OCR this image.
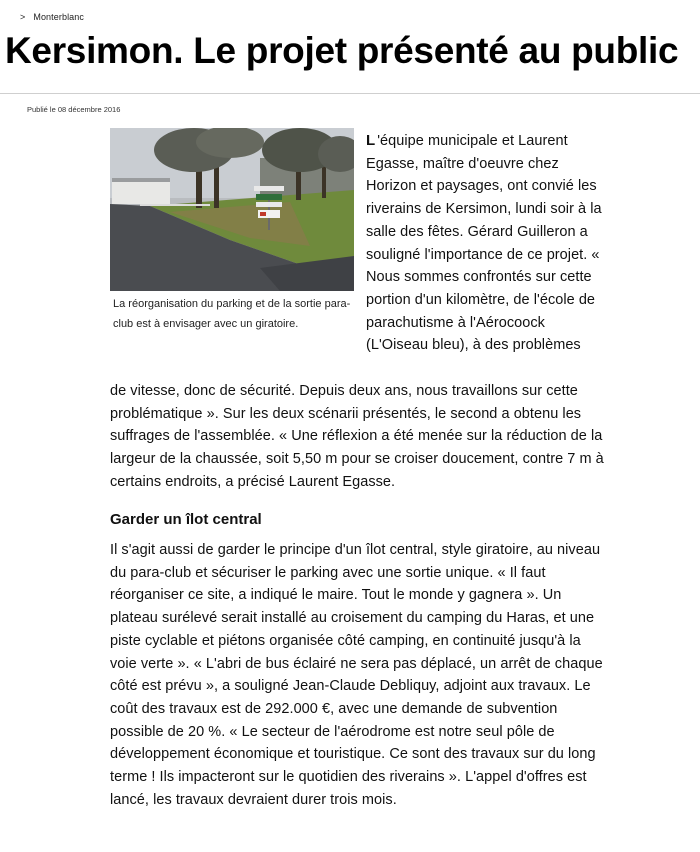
> Monterblanc
Kersimon. Le projet présenté au public
Publié le 08 décembre 2016

La réorganisation du parking et de la sortie para-club est à envisager avec un giratoire.

L 'équipe municipale et Laurent Egasse, maître d'oeuvre chez Horizon et paysages, ont convié les riverains de Kersimon, lundi soir à la salle des fêtes. Gérard Guilleron a souligné l'importance de ce projet. « Nous sommes confrontés sur cette portion d'un kilomètre, de l'école de parachutisme à l'Aérocoock (L'Oiseau bleu), à des problèmes

de vitesse, donc de sécurité. Depuis deux ans, nous travaillons sur cette problématique ». Sur les deux scénarii présentés, le second a obtenu les suffrages de l'assemblée. « Une réflexion a été menée sur la réduction de la largeur de la chaussée, soit 5,50 m pour se croiser doucement, contre 7 m à certains endroits, a précisé Laurent Egasse.

Garder un îlot central

Il s'agit aussi de garder le principe d'un îlot central, style giratoire, au niveau du para-club et sécuriser le parking avec une sortie unique. « Il faut réorganiser ce site, a indiqué le maire. Tout le monde y gagnera ». Un plateau surélevé serait installé au croisement du camping du Haras, et une piste cyclable et piétons organisée côté camping, en continuité jusqu'à la voie verte ». « L'abri de bus éclairé ne sera pas déplacé, un arrêt de chaque côté est prévu », a souligné Jean-Claude Debliquy, adjoint aux travaux. Le coût des travaux est de 292.000 €, avec une demande de subvention possible de 20 %. « Le secteur de l'aérodrome est notre seul pôle de développement économique et touristique. Ce sont des travaux sur du long terme ! Ils impacteront sur le quotidien des riverains ». L'appel d'offres est lancé, les travaux devraient durer trois mois.
